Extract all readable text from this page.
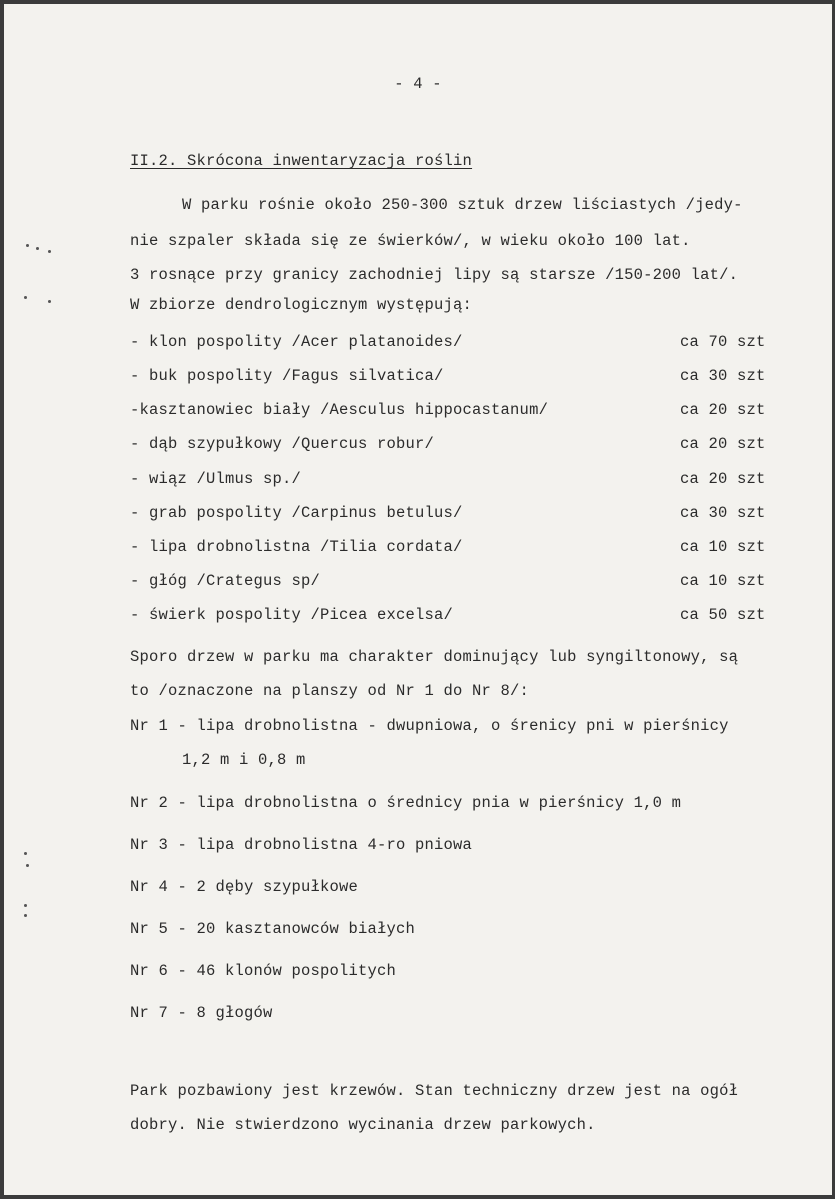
- 4 -
II.2. Skrócona inwentaryzacja roślin
W parku rośnie około 250-300 sztuk drzew liściastych /jedy-
nie szpaler składa się ze świerków/, w wieku około 100 lat.
3 rosnące przy granicy zachodniej lipy są starsze /150-200 lat/.
W zbiorze dendrologicznym występują:
- klon pospolity /Acer platanoides/	ca 70 szt
- buk pospolity /Fagus silvatica/	ca 30 szt
-kasztanowiec biały /Aesculus hippocastanum/	ca 20 szt
- dąb szypułkowy /Quercus robur/	ca 20 szt
- wiąz /Ulmus sp./	ca 20 szt
- grab pospolity /Carpinus betulus/	ca 30 szt
- lipa drobnolistna /Tilia cordata/	ca 10 szt
- głóg /Crategus sp/	ca 10 szt
- świerk pospolity /Picea excelsa/	ca 50 szt
Sporo drzew w parku ma charakter dominujący lub syngiltonowy, są
to /oznaczone na planszy od Nr 1 do Nr 8/:
Nr 1 - lipa drobnolistna - dwupniowa, o śrenicy pni w pierśnicy
1,2 m i 0,8 m
Nr 2 - lipa drobnolistna o średnicy pnia w pierśnicy 1,0 m
Nr 3 - lipa drobnolistna 4-ro pniowa
Nr 4 - 2 dęby szypułkowe
Nr 5 - 20 kasztanowców białych
Nr 6 - 46 klonów pospolitych
Nr 7 - 8 głogów
Park pozbawiony jest krzewów. Stan techniczny drzew jest na ogół
dobry. Nie stwierdzono wycinania drzew parkowych.
